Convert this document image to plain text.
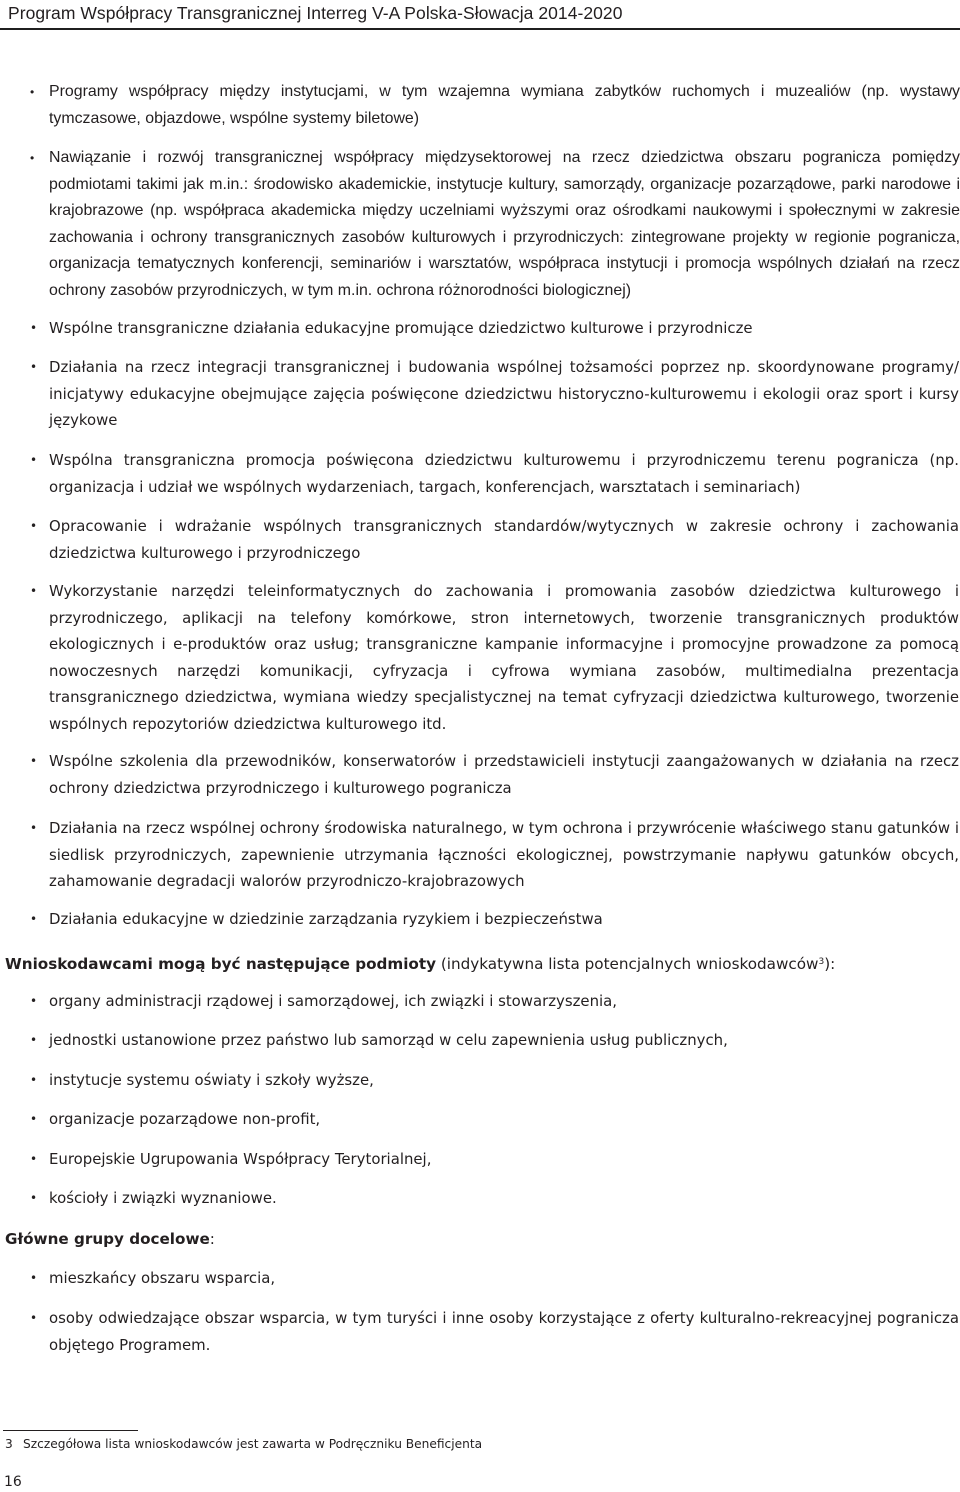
Program Współpracy Transgranicznej Interreg V-A Polska-Słowacja 2014-2020
• Programy współpracy między instytucjami, w tym wzajemna wymiana zabytków ruchomych i muzealiów (np. wystawy tymczasowe, objazdowe, wspólne systemy biletowe)
• Nawiązanie i rozwój transgranicznej współpracy międzysektorowej na rzecz dziedzictwa obszaru pogranicza pomiędzy podmiotami takimi jak m.in.: środowisko akademickie, instytucje kultury, samorządy, organizacje pozarządowe, parki narodowe i krajobrazowe (np. współpraca akademicka między uczelniami wyższymi oraz ośrodkami naukowymi i społecznymi w zakresie zachowania i ochrony transgranicznych zasobów kulturowych i przyrodniczych: zintegrowane projekty w regionie pogranicza, organizacja tematycznych konferencji, seminariów i warsztatów, współpraca instytucji i promocja wspólnych działań na rzecz ochrony zasobów przyrodniczych, w tym m.in. ochrona różnorodności biologicznej)
• Wspólne transgraniczne działania edukacyjne promujące dziedzictwo kulturowe i przyrodnicze
• Działania na rzecz integracji transgranicznej i budowania wspólnej tożsamości poprzez np. skoordynowane programy/ inicjatywy edukacyjne obejmujące zajęcia poświęcone dziedzictwu historyczno-kulturowemu i ekologii oraz sport i kursy językowe
• Wspólna transgraniczna promocja poświęcona dziedzictwu kulturowemu i przyrodniczemu terenu pogranicza (np. organizacja i udział we wspólnych wydarzeniach, targach, konferencjach, warsztatach i seminariach)
• Opracowanie i wdrażanie wspólnych transgranicznych standardów/wytycznych w zakresie ochrony i zachowania dziedzictwa kulturowego i przyrodniczego
• Wykorzystanie narzędzi teleinformatycznych do zachowania i promowania zasobów dziedzictwa kulturowego i przyrodniczego, aplikacji na telefony komórkowe, stron internetowych, tworzenie transgranicznych produktów ekologicznych i e-produktów oraz usług; transgraniczne kampanie informacyjne i promocyjne prowadzone za pomocą nowoczesnych narzędzi komunikacji, cyfryzacja i cyfrowa wymiana zasobów, multimedialna prezentacja transgranicznego dziedzictwa, wymiana wiedzy specjalistycznej na temat cyfryzacji dziedzictwa kulturowego, tworzenie wspólnych repozytoriów dziedzictwa kulturowego itd.
• Wspólne szkolenia dla przewodników, konserwatorów i przedstawicieli instytucji zaangażowanych w działania na rzecz ochrony dziedzictwa przyrodniczego i kulturowego pogranicza
• Działania na rzecz wspólnej ochrony środowiska naturalnego, w tym ochrona i przywrócenie właściwego stanu gatunków i siedlisk przyrodniczych, zapewnienie utrzymania łączności ekologicznej, powstrzymanie napływu gatunków obcych, zahamowanie degradacji walorów przyrodniczo-krajobrazowych
• Działania edukacyjne w dziedzinie zarządzania ryzykiem i bezpieczeństwa
Wnioskodawcami mogą być następujące podmioty (indykatywna lista potencjalnych wnioskodawców$^3$):
• organy administracji rządowej i samorządowej, ich związki i stowarzyszenia,
• jednostki ustanowione przez państwo lub samorząd w celu zapewnienia usług publicznych,
• instytucje systemu oświaty i szkoły wyższe,
• organizacje pozarządowe non-profit,
• Europejskie Ugrupowania Współpracy Terytorialnej,
• kościoły i związki wyznaniowe.
Główne grupy docelowe:
• mieszkańcy obszaru wsparcia,
• osoby odwiedzające obszar wsparcia, w tym turyści i inne osoby korzystające z oferty kulturalno-rekreacyjnej pogranicza objętego Programem.
3 Szczegółowa lista wnioskodawców jest zawarta w Podręczniku Beneficjenta
16
